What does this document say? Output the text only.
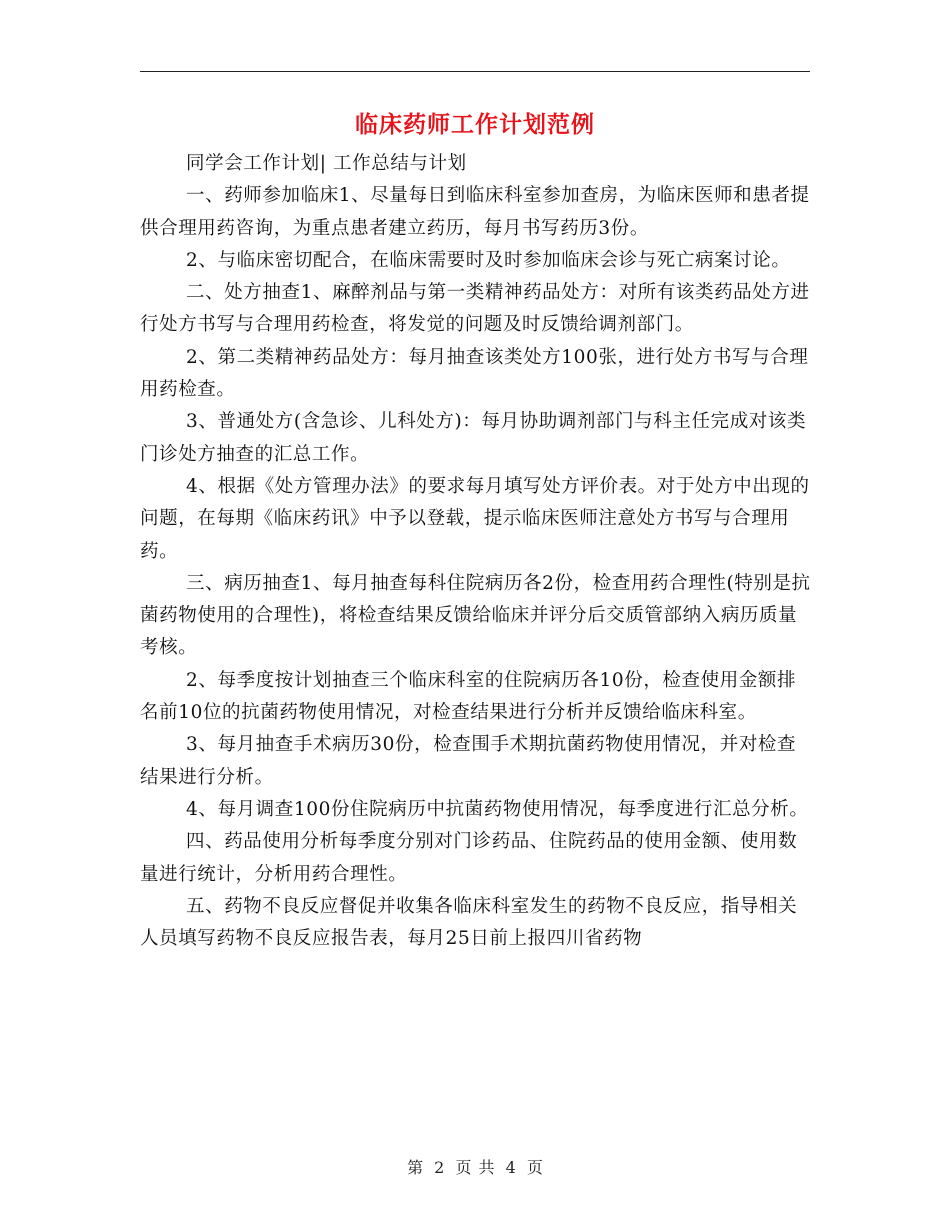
临床药师工作计划范例

同学会工作计划| 工作总结与计划

一、药师参加临床1、尽量每日到临床科室参加查房，为临床医师和患者提供合理用药咨询，为重点患者建立药历，每月书写药历3份。

2、与临床密切配合，在临床需要时及时参加临床会诊与死亡病案讨论。

二、处方抽查1、麻醉剂品与第一类精神药品处方：对所有该类药品处方进行处方书写与合理用药检查，将发觉的问题及时反馈给调剂部门。

2、第二类精神药品处方：每月抽查该类处方100张，进行处方书写与合理用药检查。

3、普通处方(含急诊、儿科处方)：每月协助调剂部门与科主任完成对该类门诊处方抽查的汇总工作。

4、根据《处方管理办法》的要求每月填写处方评价表。对于处方中出现的问题，在每期《临床药讯》中予以登载，提示临床医师注意处方书写与合理用药。

三、病历抽查1、每月抽查每科住院病历各2份，检查用药合理性(特别是抗菌药物使用的合理性)，将检查结果反馈给临床并评分后交质管部纳入病历质量考核。

2、每季度按计划抽查三个临床科室的住院病历各10份，检查使用金额排名前10位的抗菌药物使用情况，对检查结果进行分析并反馈给临床科室。

3、每月抽查手术病历30份，检查围手术期抗菌药物使用情况，并对检查结果进行分析。

4、每月调查100份住院病历中抗菌药物使用情况，每季度进行汇总分析。

四、药品使用分析每季度分别对门诊药品、住院药品的使用金额、使用数量进行统计，分析用药合理性。

五、药物不良反应督促并收集各临床科室发生的药物不良反应，指导相关人员填写药物不良反应报告表，每月25日前上报四川省药物

第 2 页 共 4 页
